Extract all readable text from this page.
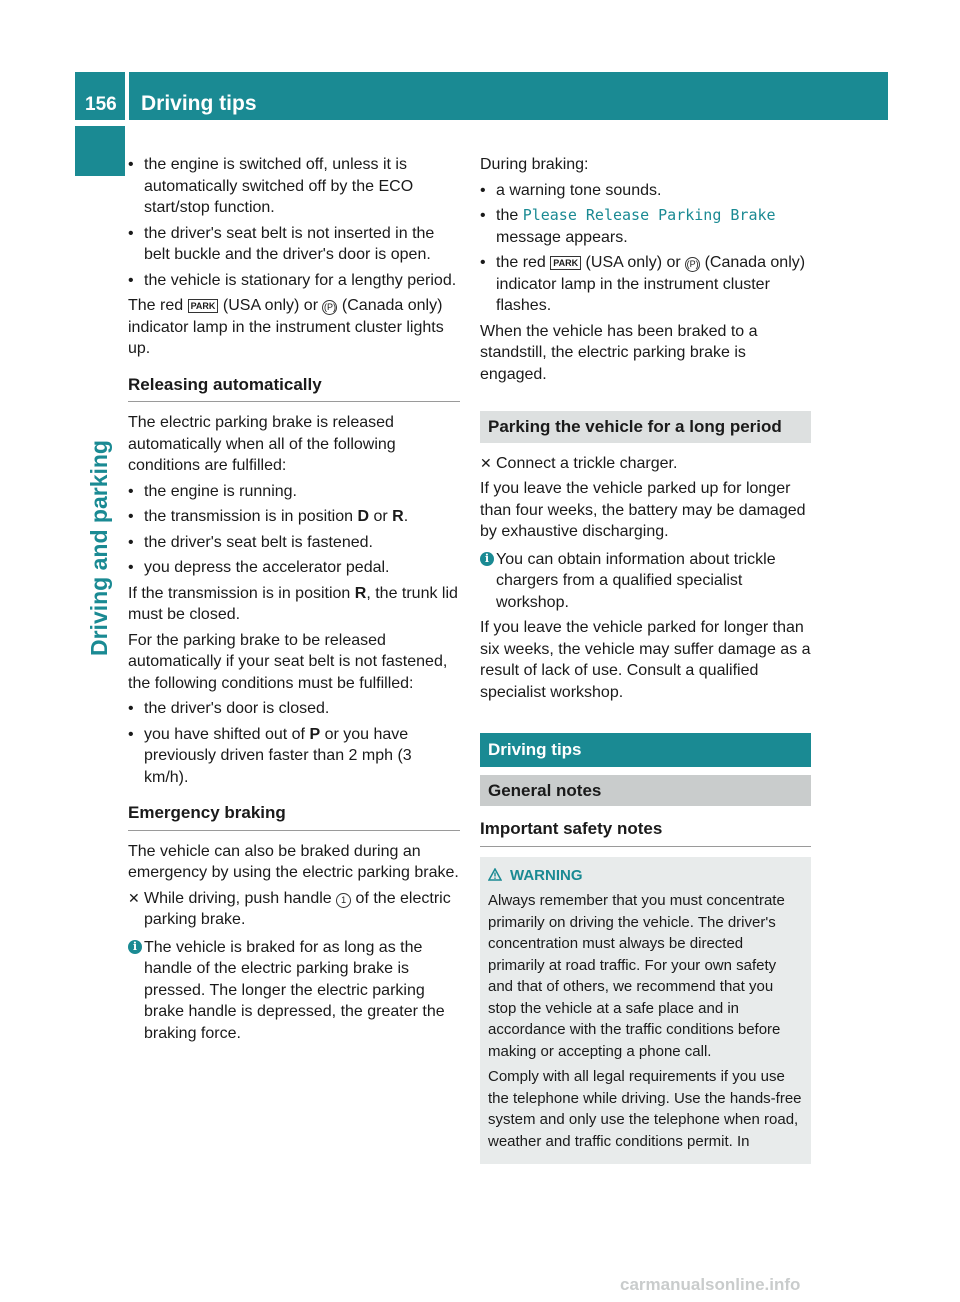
156 Driving tips
Driving and parking
• the engine is switched off, unless it is automatically switched off by the ECO start/stop function.
• the driver's seat belt is not inserted in the belt buckle and the driver's door is open.
• the vehicle is stationary for a lengthy period.

The red PARK (USA only) or (P) (Canada only) indicator lamp in the instrument cluster lights up.

Releasing automatically

The electric parking brake is released automatically when all of the following conditions are fulfilled:

• the engine is running.
• the transmission is in position D or R.
• the driver's seat belt is fastened.
• you depress the accelerator pedal.

If the transmission is in position R, the trunk lid must be closed.

For the parking brake to be released automatically if your seat belt is not fastened, the following conditions must be fulfilled:

• the driver's door is closed.
• you have shifted out of P or you have previously driven faster than 2 mph (3 km/h).
Emergency braking

The vehicle can also be braked during an emergency by using the electric parking brake.

✕ While driving, push handle 1 of the electric parking brake.
i The vehicle is braked for as long as the handle of the electric parking brake is pressed. The longer the electric parking brake handle is depressed, the greater the braking force.

During braking:

• a warning tone sounds.
• the Please Release Parking Brake message appears.
• the red PARK (USA only) or (P) (Canada only) indicator lamp in the instrument cluster flashes.

When the vehicle has been braked to a standstill, the electric parking brake is engaged.

Parking the vehicle for a long period
✕ Connect a trickle charger.

If you leave the vehicle parked up for longer than four weeks, the battery may be damaged by exhaustive discharging.

i You can obtain information about trickle chargers from a qualified specialist workshop.

If you leave the vehicle parked for longer than six weeks, the vehicle may suffer damage as a result of lack of use. Consult a qualified specialist workshop.

Driving tips
General notes
Important safety notes
WARNING

Always remember that you must concentrate primarily on driving the vehicle. The driver's concentration must always be directed primarily at road traffic. For your own safety and that of others, we recommend that you stop the vehicle at a safe place and in accordance with the traffic conditions before making or accepting a phone call.

Comply with all legal requirements if you use the telephone while driving. Use the hands-free system and only use the telephone when road, weather and traffic conditions permit. In

carmanualsonline.info
